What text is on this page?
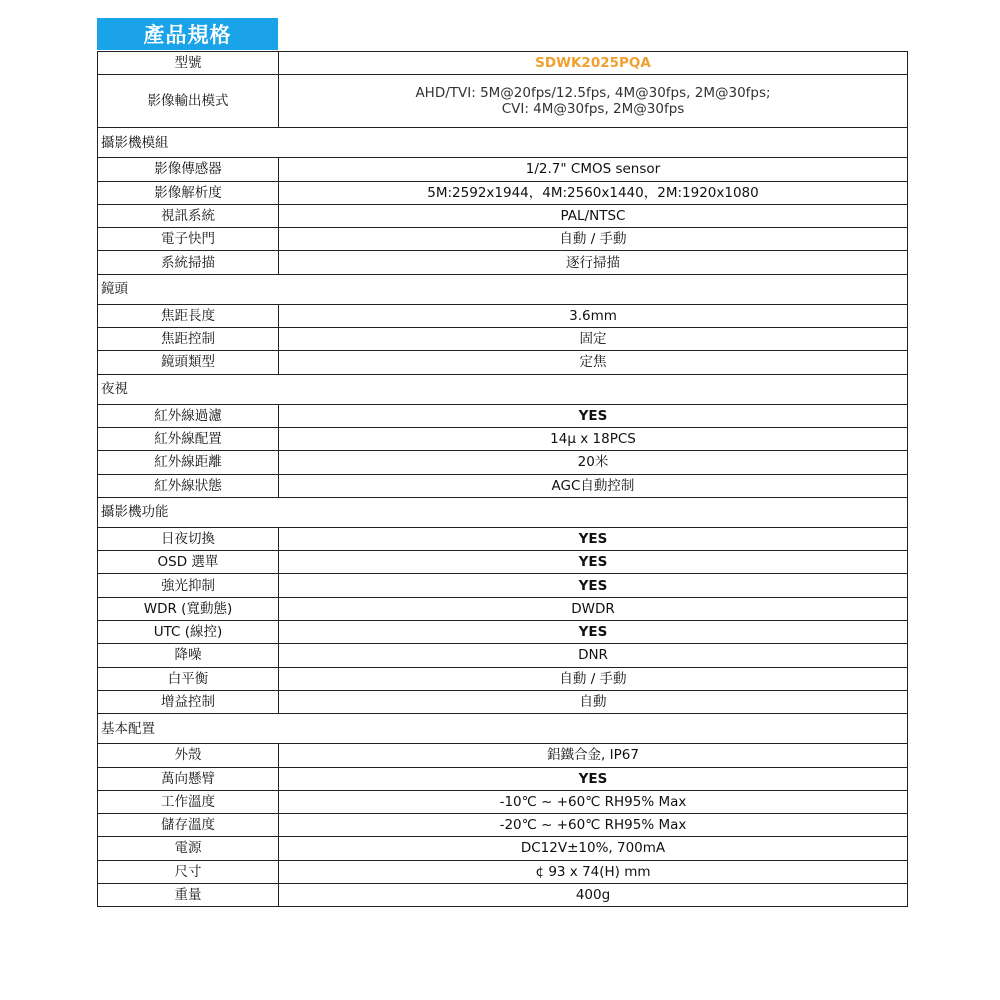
產品規格
型號	SDWK2025PQA
影像輸出模式	AHD/TVI: 5M@20fps/12.5fps, 4M@30fps, 2M@30fps;
CVI: 4M@30fps, 2M@30fps

攝影機模組	
影像傳感器	1/2.7" CMOS sensor
影像解析度	5M:2592x1944，4M:2560x1440，2M:1920x1080
視訊系統	PAL/NTSC
電子快門	自動 / 手動
系統掃描	逐行掃描
鏡頭	
焦距長度	3.6mm
焦距控制	固定
鏡頭類型	定焦
夜視	
紅外線過濾	YES
紅外線配置	14μ x 18PCS
紅外線距離	20米
紅外線狀態	AGC自動控制
攝影機功能	
日夜切換	YES
OSD 選單	YES
強光抑制	YES
WDR (寬動態)	DWDR
UTC (線控)	YES
降噪	DNR
白平衡	自動 / 手動
增益控制	自動
基本配置	
外殼	鋁鐵合金, IP67
萬向懸臂	YES
工作溫度	-10℃ ~ +60℃ RH95% Max
儲存溫度	-20℃ ~ +60℃ RH95% Max
電源	DC12V±10%, 700mA
尺寸	¢ 93 x 74(H) mm
重量	400g
